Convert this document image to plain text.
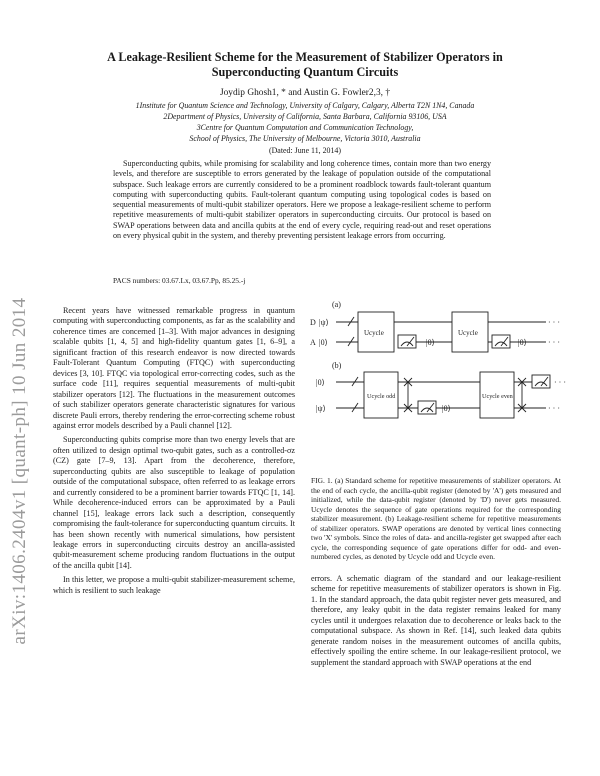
arXiv:1406.2404v1 [quant-ph] 10 Jun 2014
A Leakage-Resilient Scheme for the Measurement of Stabilizer Operators in Superconducting Quantum Circuits
Joydip Ghosh1, * and Austin G. Fowler2,3, †
1Institute for Quantum Science and Technology, University of Calgary, Calgary, Alberta T2N 1N4, Canada
2Department of Physics, University of California, Santa Barbara, California 93106, USA
3Centre for Quantum Computation and Communication Technology,
School of Physics, The University of Melbourne, Victoria 3010, Australia
(Dated: June 11, 2014)

Superconducting qubits, while promising for scalability and long coherence times, contain more than two energy levels, and therefore are susceptible to errors generated by the leakage of population outside of the computational subspace. Such leakage errors are currently considered to be a prominent roadblock towards fault-tolerant quantum computing with superconducting qubits. Fault-tolerant quantum computing using topological codes is based on sequential measurements of multi-qubit stabilizer operators. Here we propose a leakage-resilient scheme to perform repetitive measurements of multi-qubit stabilizer operators in superconducting circuits. Our protocol is based on SWAP operations between data and ancilla qubits at the end of every cycle, requiring read-out and reset operations on every physical qubit in the system, and thereby preventing persistent leakage errors from occurring.

PACS numbers: 03.67.Lx, 03.67.Pp, 85.25.-j

Recent years have witnessed remarkable progress in quantum computing with superconducting components, as far as the scalability and coherence times are concerned [1–3]. With major advances in designing scalable qubits [1, 4, 5] and high-fidelity quantum gates [1, 6–9], a significant fraction of this research endeavor is now directed towards Fault-Tolerant Quantum Computing (FTQC) with superconducting devices [3, 10]. FTQC via topological error-correcting codes, such as the surface code [11], requires sequential measurements of multi-qubit stabilizer operators [12]. The fluctuations in the measurement outcomes of such stabilizer operators generate characteristic signatures for various discrete Pauli errors, thereby rendering the error-correcting scheme robust against error models described by a Pauli channel [12].

Superconducting qubits comprise more than two energy levels that are often utilized to design optimal two-qubit gates, such as a controlled-σz (CZ) gate [7–9, 13]. Apart from the decoherence, therefore, superconducting qubits are also susceptible to leakage of population outside of the computational subspace, often referred to as leakage errors and currently considered to be a prominent barrier towards FTQC [1, 14]. While decoherence-induced errors can be approximated by a Pauli channel [15], leakage errors lack such a description, consequently compromising the fault-tolerance for superconducting quantum circuits. It has been shown recently with numerical simulations, how persistent leakage errors in superconducting circuits destroy an ancilla-assisted qubit-measurement scheme producing random fluctuations in the output of the ancilla qubit [14].

In this letter, we propose a multi-qubit stabilizer-measurement scheme, which is resilient to such leakage

(a)
D |ψ⟩
A |0⟩
Ucycle	Ucycle
|0⟩	|0⟩
· · ·
· · ·
(b)
|0⟩
|ψ⟩
Ucycle odd	Ucycle even
|0⟩
· · ·
· · ·

FIG. 1. (a) Standard scheme for repetitive measurements of stabilizer operators. At the end of each cycle, the ancilla-qubit register (denoted by 'A') gets measured and initialized, while the data-qubit register (denoted by 'D') never gets measured. Ucycle denotes the sequence of gate operations required for the corresponding stabilizer measurement. (b) Leakage-resilient scheme for repetitive measurements of stabilizer operators. SWAP operations are denoted by vertical lines connecting two 'X' symbols. Since the roles of data- and ancilla-register get swapped after each cycle, the corresponding sequence of gate operations differ for odd- and even-numbered cycles, as denoted by Ucycle odd and Ucycle even.

errors. A schematic diagram of the standard and our leakage-resilient scheme for repetitive measurements of stabilizer operators is shown in Fig. 1. In the standard approach, the data qubit register never gets measured, and therefore, any leaky qubit in the data register remains leaked for many cycles until it undergoes relaxation due to decoherence or leaks back to the computational subspace. As shown in Ref. [14], such leaked data qubits generate random noises in the measurement outcomes of ancilla qubits, effectively spoiling the entire scheme. In our leakage-resilient protocol, we supplement the standard approach with SWAP operations at the end
